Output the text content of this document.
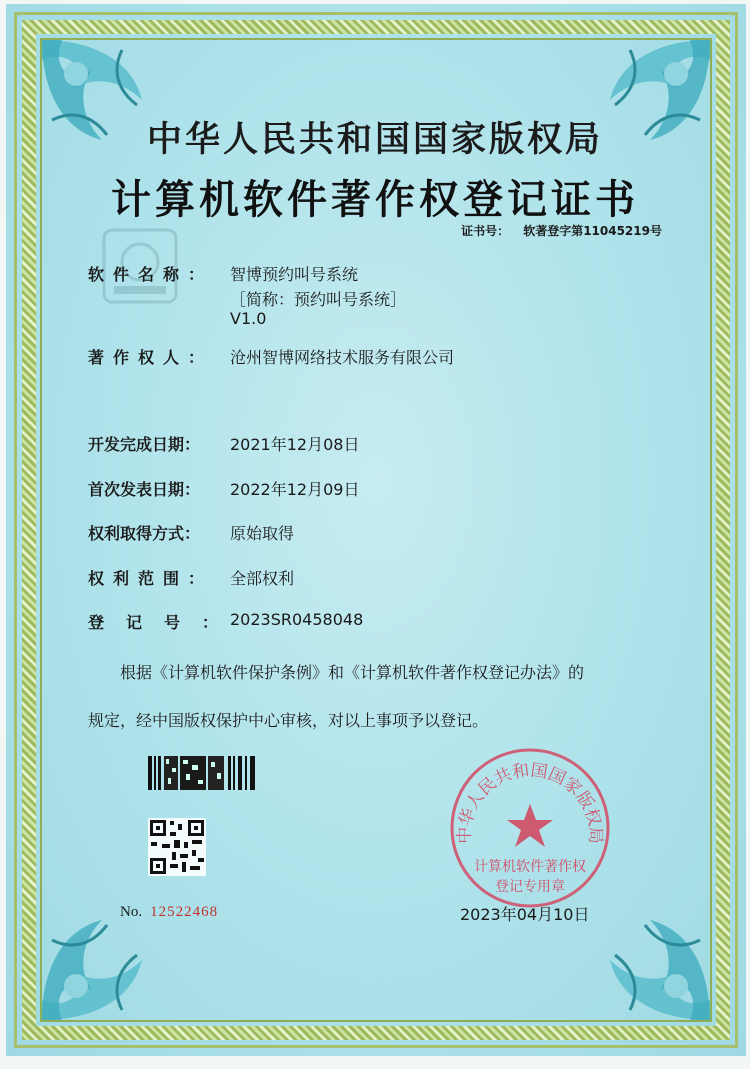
中华人民共和国国家版权局
计算机软件著作权登记证书
证书号： 软著登字第11045219号
软件名称：	智博预约叫号系统
［简称：预约叫号系统］
V1.0
著作权人：	沧州智博网络技术服务有限公司
开发完成日期：	2021年12月08日
首次发表日期：	2022年12月09日
权利取得方式：	原始取得
权利范围：	全部权利
登记号：
2023SR0458048
根据《计算机软件保护条例》和《计算机软件著作权登记办法》的
规定，经中国版权保护中心审核，对以上事项予以登记。
No. 12522468
中华人民共和国国家版权局
计算机软件著作权
登记专用章
2023年04月10日
